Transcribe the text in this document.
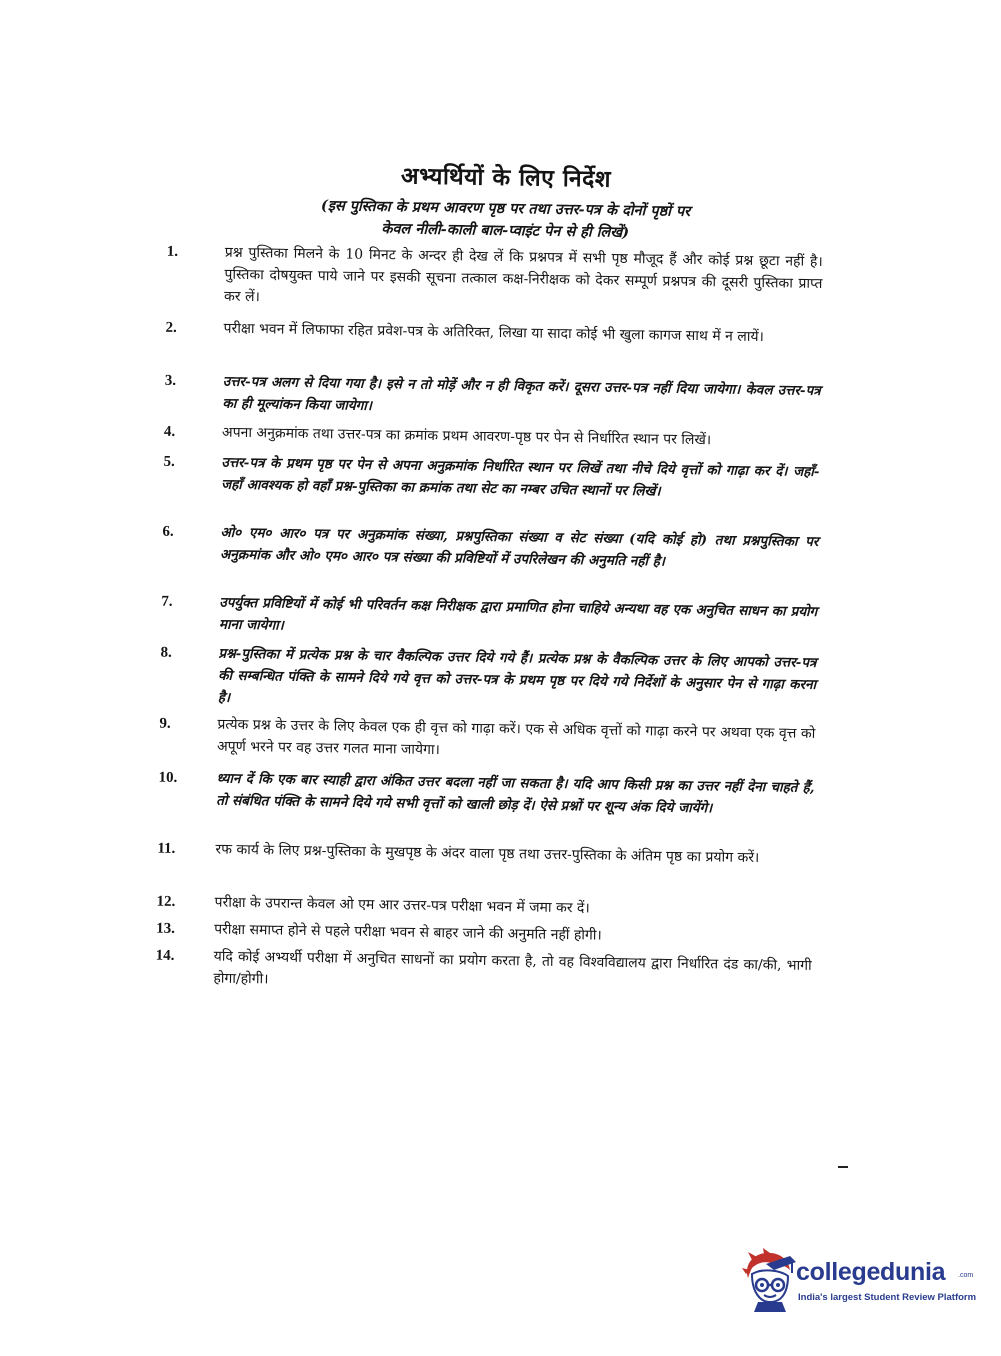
अभ्यर्थियों के लिए निर्देश
(इस पुस्तिका के प्रथम आवरण पृष्ठ पर तथा उत्तर-पत्र के दोनों पृष्ठों पर
केवल नीली-काली बाल-प्वाइंट पेन से ही लिखें)
1.	प्रश्न पुस्तिका मिलने के 10 मिनट के अन्दर ही देख लें कि प्रश्नपत्र में सभी पृष्ठ मौजूद हैं और कोई प्रश्न छूटा नहीं है। पुस्तिका दोषयुक्त पाये जाने पर इसकी सूचना तत्काल कक्ष-निरीक्षक को देकर सम्पूर्ण प्रश्नपत्र की दूसरी पुस्तिका प्राप्त कर लें।
2.	परीक्षा भवन में लिफाफा रहित प्रवेश-पत्र के अतिरिक्त, लिखा या सादा कोई भी खुला कागज साथ में न लायें।
3.	उत्तर-पत्र अलग से दिया गया है। इसे न तो मोड़ें और न ही विकृत करें। दूसरा उत्तर-पत्र नहीं दिया जायेगा। केवल उत्तर-पत्र का ही मूल्यांकन किया जायेगा।
4.	अपना अनुक्रमांक तथा उत्तर-पत्र का क्रमांक प्रथम आवरण-पृष्ठ पर पेन से निर्धारित स्थान पर लिखें।
5.	उत्तर-पत्र के प्रथम पृष्ठ पर पेन से अपना अनुक्रमांक निर्धारित स्थान पर लिखें तथा नीचे दिये वृत्तों को गाढ़ा कर दें। जहाँ-जहाँ आवश्यक हो वहाँ प्रश्न-पुस्तिका का क्रमांक तथा सेट का नम्बर उचित स्थानों पर लिखें।
6.	ओ० एम० आर० पत्र पर अनुक्रमांक संख्या, प्रश्नपुस्तिका संख्या व सेट संख्या (यदि कोई हो) तथा प्रश्नपुस्तिका पर अनुक्रमांक और ओ० एम० आर० पत्र संख्या की प्रविष्टियों में उपरिलेखन की अनुमति नहीं है।
7.	उपर्युक्त प्रविष्टियों में कोई भी परिवर्तन कक्ष निरीक्षक द्वारा प्रमाणित होना चाहिये अन्यथा वह एक अनुचित साधन का प्रयोग माना जायेगा।
8.	प्रश्न-पुस्तिका में प्रत्येक प्रश्न के चार वैकल्पिक उत्तर दिये गये हैं। प्रत्येक प्रश्न के वैकल्पिक उत्तर के लिए आपको उत्तर-पत्र की सम्बन्धित पंक्ति के सामने दिये गये वृत्त को उत्तर-पत्र के प्रथम पृष्ठ पर दिये गये निर्देशों के अनुसार पेन से गाढ़ा करना है।
9.	प्रत्येक प्रश्न के उत्तर के लिए केवल एक ही वृत्त को गाढ़ा करें। एक से अधिक वृत्तों को गाढ़ा करने पर अथवा एक वृत्त को अपूर्ण भरने पर वह उत्तर गलत माना जायेगा।
10.	ध्यान दें कि एक बार स्याही द्वारा अंकित उत्तर बदला नहीं जा सकता है। यदि आप किसी प्रश्न का उत्तर नहीं देना चाहते हैं, तो संबंधित पंक्ति के सामने दिये गये सभी वृत्तों को खाली छोड़ दें। ऐसे प्रश्नों पर शून्य अंक दिये जायेंगे।
11.	रफ कार्य के लिए प्रश्न-पुस्तिका के मुखपृष्ठ के अंदर वाला पृष्ठ तथा उत्तर-पुस्तिका के अंतिम पृष्ठ का प्रयोग करें।
12.	परीक्षा के उपरान्त केवल ओ एम आर उत्तर-पत्र परीक्षा भवन में जमा कर दें।
13.	परीक्षा समाप्त होने से पहले परीक्षा भवन से बाहर जाने की अनुमति नहीं होगी।
14.	यदि कोई अभ्यर्थी परीक्षा में अनुचित साधनों का प्रयोग करता है, तो वह विश्वविद्यालय द्वारा निर्धारित दंड का/की, भागी होगा/होगी।
collegedunia .com
India's largest Student Review Platform
